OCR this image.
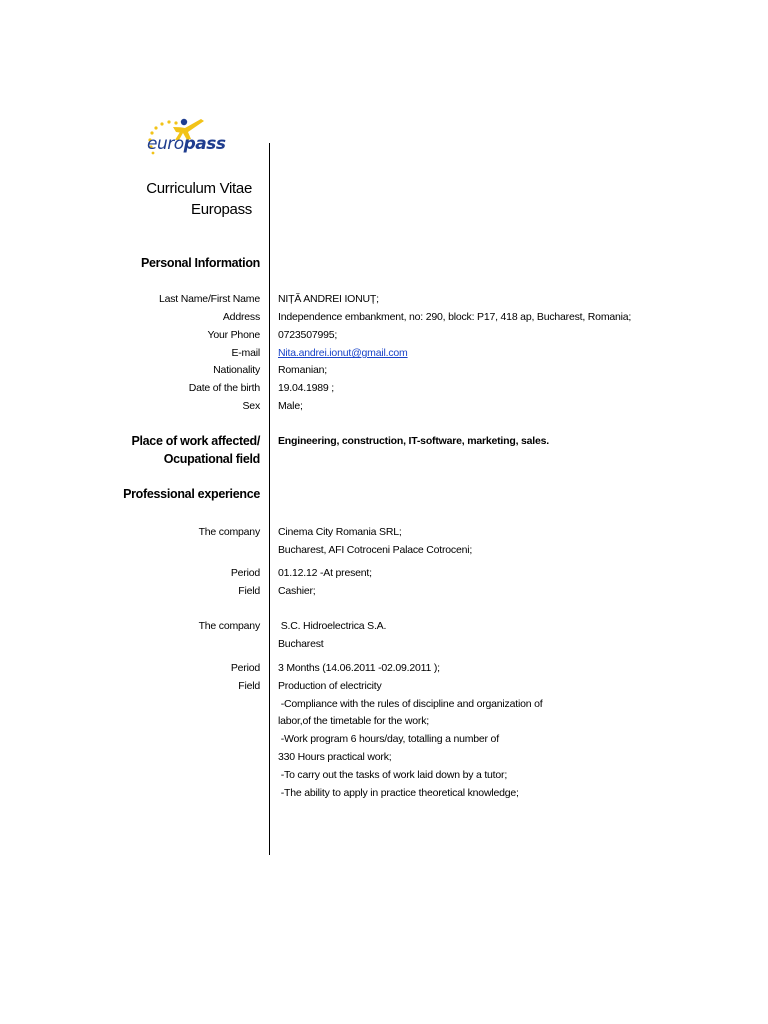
europass
Curriculum Vitae
Europass
Personal Information
Last Name/First Name NIȚĂ ANDREI IONUȚ;
Address Independence embankment, no: 290, block: P17, 418 ap, Bucharest, Romania;
Your Phone 0723507995;
E-mail Nita.andrei.ionut@gmail.com
Nationality Romanian;
Date of the birth 19.04.1989 ;
Sex Male;
Place of work affected/
Ocupational field
Engineering, construction, IT-software, marketing, sales.
Professional experience
The company Cinema City Romania SRL;
Bucharest, AFI Cotroceni Palace Cotroceni;
Period 01.12.12 -At present;
Field Cashier;
The company S.C. Hidroelectrica S.A.
Bucharest
Period 3 Months (14.06.2011 -02.09.2011 );
Field Production of electricity
-Compliance with the rules of discipline and organization of
labor,of the timetable for the work;
-Work program 6 hours/day, totalling a number of
330 Hours practical work;
-To carry out the tasks of work laid down by a tutor;
-The ability to apply in practice theoretical knowledge;
